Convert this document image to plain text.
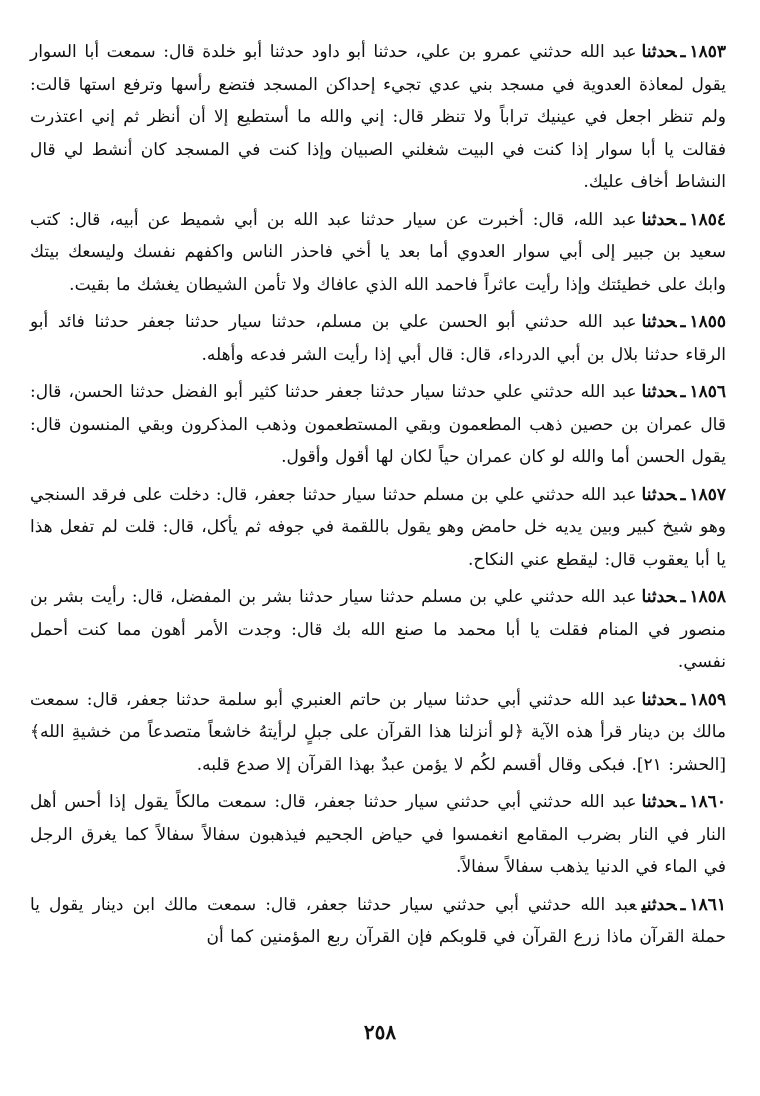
١٨٥٣ـحدثناعبد الله حدثني عمرو بن علي، حدثنا أبو داود حدثنا أبو خلدة قال: سمعت أبا السوار يقول لمعاذة العدوية في مسجد بني عدي تجيء إحداكن المسجد فتضع رأسها وترفع استها قالت: ولم تنظر اجعل في عينيك تراباً ولا تنظر قال: إني والله ما أستطيع إلا أن أنظر ثم إني اعتذرت فقالت يا أبا سوار إذا كنت في البيت شغلني الصبيان وإذا كنت في المسجد كان أنشط لي قال النشاط أخاف عليك.

١٨٥٤ـحدثناعبد الله، قال: أخبرت عن سيار حدثنا عبد الله بن أبي شميط عن أبيه، قال: كتب سعيد بن جبير إلى أبي سوار العدوي أما بعد يا أخي فاحذر الناس واكفهم نفسك وليسعك بيتك وابك على خطيئتك وإذا رأيت عاثراً فاحمد الله الذي عافاك ولا تأمن الشيطان يغشك ما بقيت.

١٨٥٥ـحدثناعبد الله حدثني أبو الحسن علي بن مسلم، حدثنا سيار حدثنا جعفر حدثنا فائد أبو الرقاء حدثنا بلال بن أبي الدرداء، قال: قال أبي إذا رأيت الشر فدعه وأهله.

١٨٥٦ـحدثناعبد الله حدثني علي حدثنا سيار حدثنا جعفر حدثنا كثير أبو الفضل حدثنا الحسن، قال: قال عمران بن حصين ذهب المطعمون وبقي المستطعمون وذهب المذكرون وبقي المنسون قال: يقول الحسن أما والله لو كان عمران حياً لكان لها أقول وأقول.

١٨٥٧ـحدثناعبد الله حدثني علي بن مسلم حدثنا سيار حدثنا جعفر، قال: دخلت على فرقد السنجي وهو شيخ كبير وبين يديه خل حامض وهو يقول باللقمة في جوفه ثم يأكل، قال: قلت لم تفعل هذا يا أبا يعقوب قال: ليقطع عني النكاح.

١٨٥٨ـحدثناعبد الله حدثني علي بن مسلم حدثنا سيار حدثنا بشر بن المفضل، قال: رأيت بشر بن منصور في المنام فقلت يا أبا محمد ما صنع الله بك قال: وجدت الأمر أهون مما كنت أحمل نفسي.

١٨٥٩ـحدثناعبد الله حدثني أبي حدثنا سيار بن حاتم العنبري أبو سلمة حدثنا جعفر، قال: سمعت مالك بن دينار قرأ هذه الآية ﴿لو أنزلنا هذا القرآن على جبلٍ لرأيتهُ خاشعاً متصدعاً من خشيةِ الله﴾ [الحشر: ٢١]. فبكى وقال أقسم لكُم لا يؤمن عبدٌ بهذا القرآن إلا صدع قلبه.

١٨٦٠ـحدثناعبد الله حدثني أبي حدثني سيار حدثنا جعفر، قال: سمعت مالكاً يقول إذا أحس أهل النار في النار بضرب المقامع انغمسوا في حياض الجحيم فيذهبون سفالاً سفالاً كما يغرق الرجل في الماء في الدنيا يذهب سفالاً سفالاً.

١٨٦١ـحدثنيعبد الله حدثني أبي حدثني سيار حدثنا جعفر، قال: سمعت مالك ابن دينار يقول يا حملة القرآن ماذا زرع القرآن في قلوبكم فإن القرآن ربع المؤمنين كما أن

٢٥٨
